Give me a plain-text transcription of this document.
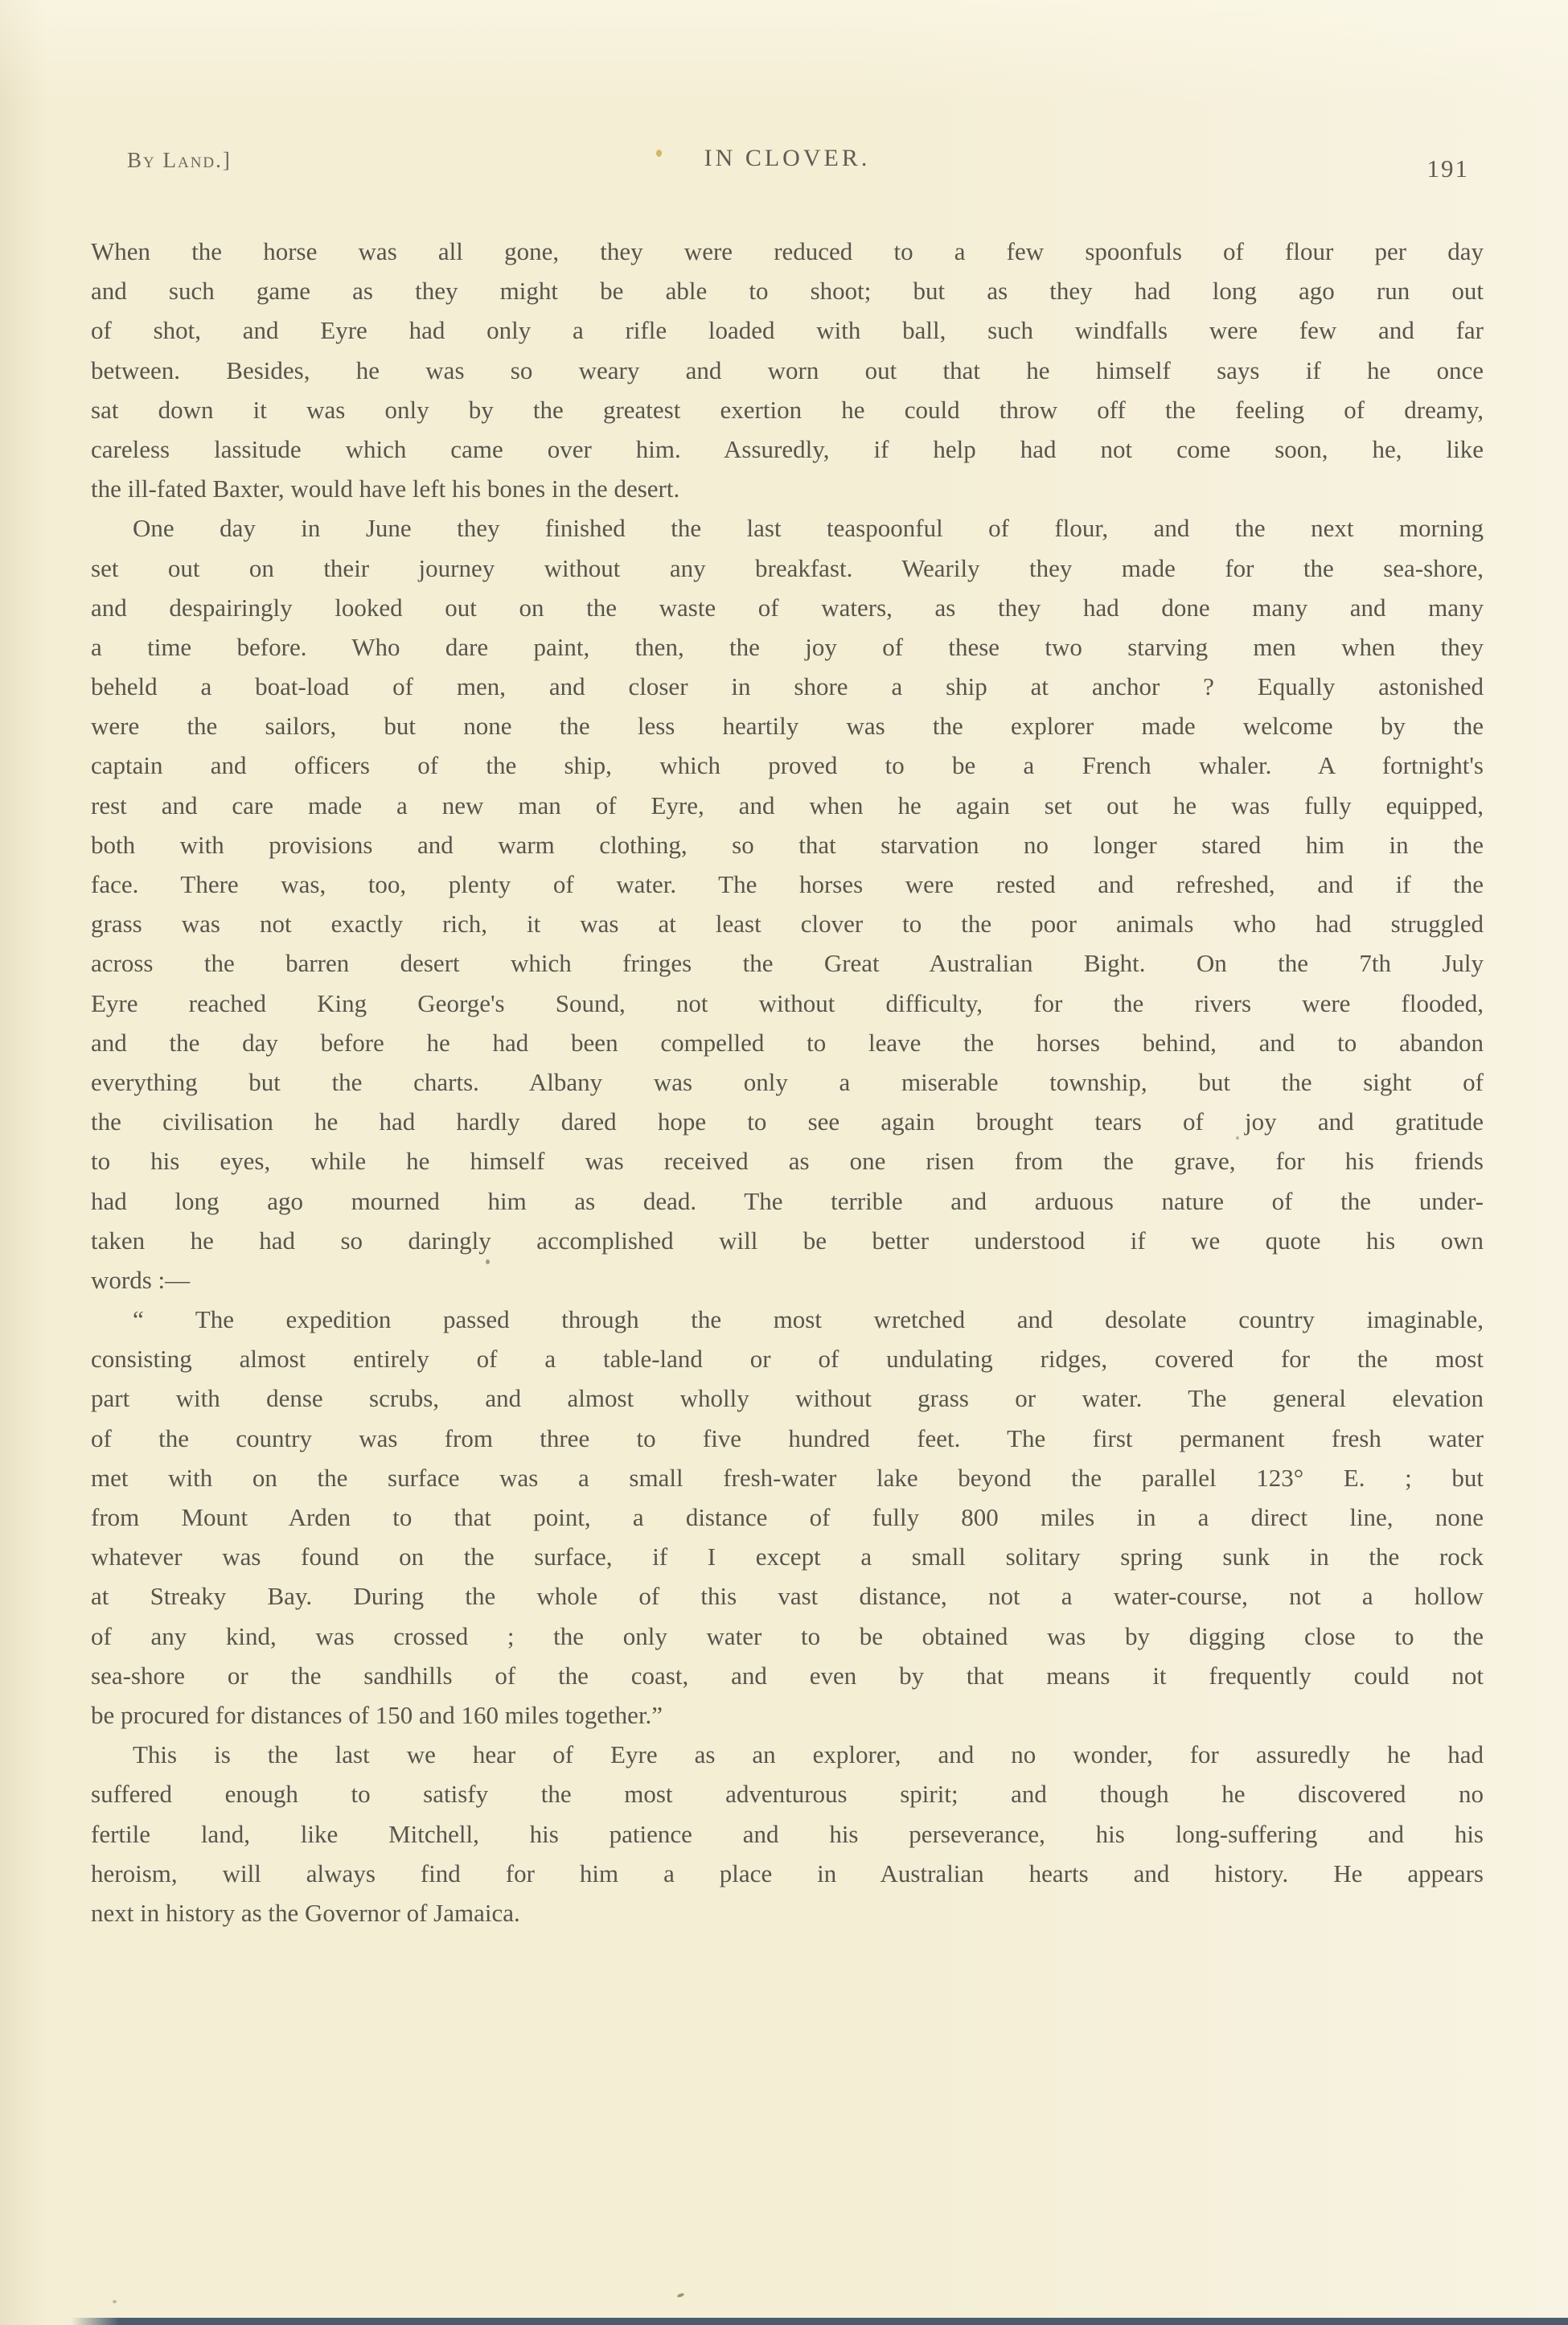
By Land.]	IN CLOVER.	191
When the horse was all gone, they were reduced to a few spoonfuls of flour per day
and such game as they might be able to shoot; but as they had long ago run out
of shot, and Eyre had only a rifle loaded with ball, such windfalls were few and far
between. Besides, he was so weary and worn out that he himself says if he once
sat down it was only by the greatest exertion he could throw off the feeling of dreamy,
careless lassitude which came over him. Assuredly, if help had not come soon, he, like
the ill-fated Baxter, would have left his bones in the desert.
One day in June they finished the last teaspoonful of flour, and the next morning
set out on their journey without any breakfast. Wearily they made for the sea-shore,
and despairingly looked out on the waste of waters, as they had done many and many
a time before. Who dare paint, then, the joy of these two starving men when they
beheld a boat-load of men, and closer in shore a ship at anchor ? Equally astonished
were the sailors, but none the less heartily was the explorer made welcome by the
captain and officers of the ship, which proved to be a French whaler. A fortnight's
rest and care made a new man of Eyre, and when he again set out he was fully equipped,
both with provisions and warm clothing, so that starvation no longer stared him in the
face. There was, too, plenty of water. The horses were rested and refreshed, and if the
grass was not exactly rich, it was at least clover to the poor animals who had struggled
across the barren desert which fringes the Great Australian Bight. On the 7th July
Eyre reached King George's Sound, not without difficulty, for the rivers were flooded,
and the day before he had been compelled to leave the horses behind, and to abandon
everything but the charts. Albany was only a miserable township, but the sight of
the civilisation he had hardly dared hope to see again brought tears of joy and gratitude
to his eyes, while he himself was received as one risen from the grave, for his friends
had long ago mourned him as dead. The terrible and arduous nature of the under-
taken he had so daringly accomplished will be better understood if we quote his own
words :—
“ The expedition passed through the most wretched and desolate country imaginable,
consisting almost entirely of a table-land or of undulating ridges, covered for the most
part with dense scrubs, and almost wholly without grass or water. The general elevation
of the country was from three to five hundred feet. The first permanent fresh water
met with on the surface was a small fresh-water lake beyond the parallel 123° E. ; but
from Mount Arden to that point, a distance of fully 800 miles in a direct line, none
whatever was found on the surface, if I except a small solitary spring sunk in the rock
at Streaky Bay. During the whole of this vast distance, not a water-course, not a hollow
of any kind, was crossed ; the only water to be obtained was by digging close to the
sea-shore or the sandhills of the coast, and even by that means it frequently could not
be procured for distances of 150 and 160 miles together.”
This is the last we hear of Eyre as an explorer, and no wonder, for assuredly he had
suffered enough to satisfy the most adventurous spirit; and though he discovered no
fertile land, like Mitchell, his patience and his perseverance, his long-suffering and his
heroism, will always find for him a place in Australian hearts and history. He appears
next in history as the Governor of Jamaica.
